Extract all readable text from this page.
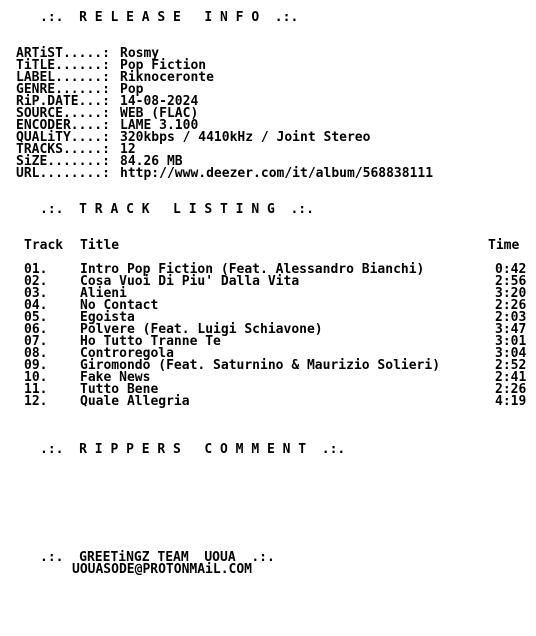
.:.  R E L E A S E   I N F O  .:.
ARTiST.....: Rosmy
TiTLE......: Pop Fiction
LABEL......: Riknoceronte
GENRE......: Pop
RiP.DATE...: 14-08-2024
SOURCE.....: WEB (FLAC)
ENCODER....: LAME 3.100
QUALiTY....: 320kbps / 4410kHz / Joint Stereo
TRACKS.....: 12
SiZE.......: 84.26 MB
URL........: http://www.deezer.com/it/album/568838111
.:.  T R A C K   L I S T I N G  .:.
Track Title	Time
01.	Intro Pop Fiction (Feat. Alessandro Bianchi)	0:42
02.	Cosa Vuoi Di Piu' Dalla Vita	2:56
03.	Alieni	3:20
04.	No Contact	2:26
05.	Egoista	2:03
06.	Polvere (Feat. Luigi Schiavone)	3:47
07.	Ho Tutto Tranne Te	3:01
08.	Controregola	3:04
09.	Giromondo (Feat. Saturnino & Maurizio Solieri)	2:52
10.	Fake News	2:41
11.	Tutto Bene	2:26
12.	Quale Allegria	4:19
.:.  R I P P E R S   C O M M E N T  .:.
.:.  GREETiNGZ TEAM  UOUA  .:.
UOUASODE@PROTONMAiL.COM
